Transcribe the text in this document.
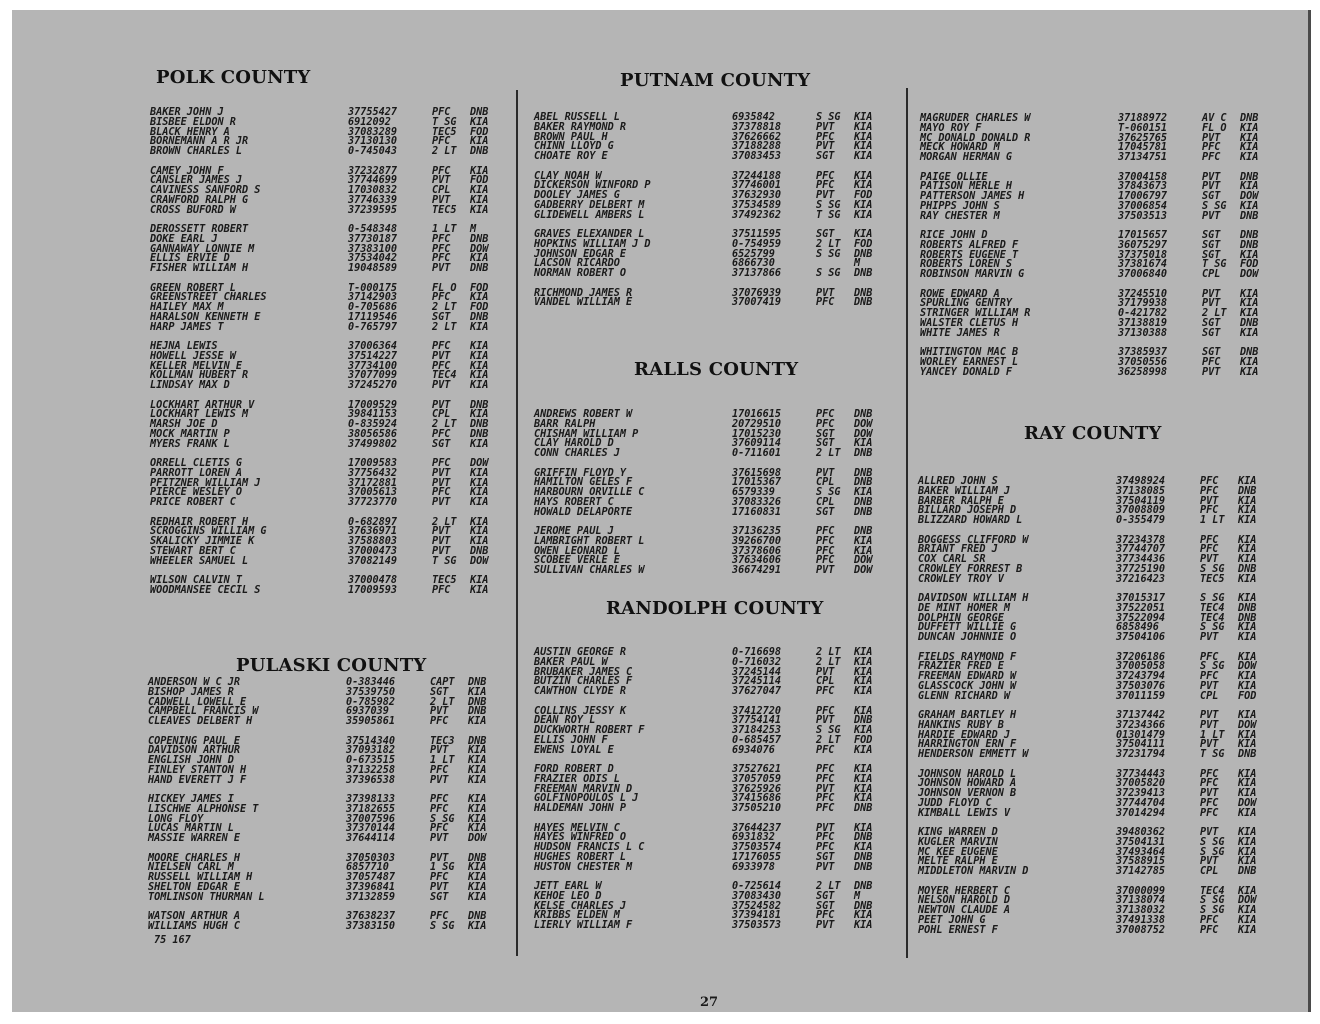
POLK COUNTY
BAKER JOHN J	37755427	PFC DNB
BISBEE ELDON R	6912092	T SG KIA
BLACK HENRY A	37083289	TEC5 FOD
BORNEMANN A R JR	37130130	PFC KIA
BROWN CHARLES L	0-745043	2 LT DNB
CAMEY JOHN F	37232877	PFC KIA
CANSLER JAMES J	37744699	PVT FOD
CAVINESS SANFORD S	17030832	CPL KIA
CRAWFORD RALPH G	37746339	PVT KIA
CROSS BUFORD W	37239595	TEC5 KIA
DEROSSETT ROBERT	0-548348	1 LT M
DOKE EARL J	37730187	PFC DNB
GANNAWAY LONNIE M	37383100	PFC DOW
ELLIS ERVIE D	37534042	PFC KIA
FISHER WILLIAM H	19048589	PVT DNB
GREEN ROBERT L	T-000175	FL O FOD
GREENSTREET CHARLES	37142903	PFC KIA
HAILEY MAX M	0-705686	2 LT FOD
HARALSON KENNETH E	17119546	SGT DNB
HARP JAMES T	0-765797	2 LT KIA
HEJNA LEWIS	37006364	PFC KIA
HOWELL JESSE W	37514227	PVT KIA
KELLER MELVIN E	37734100	PFC KIA
KOLLMAN HUBERT R	37077099	TEC4 KIA
LINDSAY MAX D	37245270	PVT KIA
LOCKHART ARTHUR V	17009529	PVT DNB
LOCKHART LEWIS M	39841153	CPL KIA
MARSH JOE D	0-835924	2 LT DNB
MOCK MARTIN P	38056586	PFC DNB
MYERS FRANK L	37499802	SGT KIA
ORRELL CLETIS G	17009583	PFC DOW
PARROTT LOREN A	37756432	PVT KIA
PFITZNER WILLIAM J	37172881	PVT KIA
PIERCE WESLEY O	37005613	PFC KIA
PRICE ROBERT C	37723770	PVT KIA
REDHAIR ROBERT H	0-682897	2 LT KIA
SCROGGINS WILLIAM G	37636971	PVT KIA
SKALICKY JIMMIE K	37588803	PVT KIA
STEWART BERT C	37000473	PVT DNB
WHEELER SAMUEL L	37082149	T SG DOW
WILSON CALVIN T	37000478	TEC5 KIA
WOODMANSEE CECIL S	17009593	PFC KIA
PULASKI COUNTY
ANDERSON W C JR	0-383446	CAPT DNB
BISHOP JAMES R	37539750	SGT KIA
CADWELL LOWELL E	0-785982	2 LT DNB
CAMPBELL FRANCIS W	6937039	PVT DNB
CLEAVES DELBERT H	35905861	PFC KIA
COPENING PAUL E	37514340	TEC3 DNB
DAVIDSON ARTHUR	37093182	PVT KIA
ENGLISH JOHN D	0-673515	1 LT KIA
FINLEY STANTON H	37132258	PFC KIA
HAND EVERETT J F	37396538	PVT KIA
HICKEY JAMES I	37398133	PFC KIA
LISCHWE ALPHONSE T	37182655	PFC KIA
LONG FLOY	37007596	S SG KIA
LUCAS MARTIN L	37370144	PFC KIA
MASSIE WARREN E	37644114	PVT DOW
MOORE CHARLES H	37050303	PVT DNB
NIELSEN CARL M	6857710	1 SG KIA
RUSSELL WILLIAM H	37057487	PFC KIA
SHELTON EDGAR E	37396841	PVT KIA
TOMLINSON THURMAN L	37132859	SGT KIA
WATSON ARTHUR A	37638237	PFC DNB
WILLIAMS HUGH C	37383150	S SG KIA
75 167
PUTNAM COUNTY
ABEL RUSSELL L	6935842	S SG KIA
BAKER RAYMOND R	37378818	PVT KIA
BROWN PAUL H	37626662	PFC KIA
CHINN LLOYD G	37188288	PVT KIA
CHOATE ROY E	37083453	SGT KIA
CLAY NOAH W	37244188	PFC KIA
DICKERSON WINFORD P	37746001	PFC KIA
DOOLEY JAMES G	37632930	PVT FOD
GADBERRY DELBERT M	37534589	S SG KIA
GLIDEWELL AMBERS L	37492362	T SG KIA
GRAVES ELEXANDER L	37511595	SGT KIA
HOPKINS WILLIAM J D	0-754959	2 LT FOD
JOHNSON EDGAR E	6525799	S SG DNB
LACSON RICARDO	6866730	M
NORMAN ROBERT O	37137866	S SG DNB
RICHMOND JAMES R	37076939	PVT DNB
VANDEL WILLIAM E	37007419	PFC DNB
RALLS COUNTY
ANDREWS ROBERT W	17016615	PFC DNB
BARR RALPH	20729510	PFC DOW
CHISHAM WILLIAM P	17015230	SGT DOW
CLAY HAROLD D	37609114	SGT KIA
CONN CHARLES J	0-711601	2 LT DNB
GRIFFIN FLOYD Y	37615698	PVT DNB
HAMILTON GELES F	17015367	CPL DNB
HARBOURN ORVILLE C	6579339	S SG KIA
HAYS ROBERT C	37083326	CPL DNB
HOWALD DELAPORTE	17160831	SGT DNB
JEROME PAUL J	37136235	PFC DNB
LAMBRIGHT ROBERT L	39266700	PFC KIA
OWEN LEONARD L	37378606	PFC KIA
SCOBEE VERLE E	37634606	PFC DOW
SULLIVAN CHARLES W	36674291	PVT DOW
RANDOLPH COUNTY
AUSTIN GEORGE R	0-716698	2 LT KIA
BAKER PAUL W	0-716032	2 LT KIA
BRUBAKER JAMES C	37245144	PVT KIA
BUTZIN CHARLES F	37245114	CPL KIA
CAWTHON CLYDE R	37627047	PFC KIA
COLLINS JESSY K	37412720	PFC KIA
DEAN ROY L	37754141	PVT DNB
DUCKWORTH ROBERT F	37184253	S SG KIA
ELLIS JOHN F	0-685457	2 LT FOD
EWENS LOYAL E	6934076	PFC KIA
FORD ROBERT D	37527621	PFC KIA
FRAZIER ODIS L	37057059	PFC KIA
FREEMAN MARVIN D	37625926	PVT KIA
GOLFINOPOULOS L J	37415686	PFC KIA
HALDEMAN JOHN P	37505210	PFC DNB
HAYES MELVIN C	37644237	PVT KIA
HAYES WINFRED O	6931832	PFC DNB
HUDSON FRANCIS L C	37503574	PFC KIA
HUGHES ROBERT L	17176055	SGT DNB
HUSTON CHESTER M	6933978	PVT DNB
JETT EARL W	0-725614	2 LT DNB
KEHOE LEO D	37083430	SGT M
KELSE CHARLES J	37524582	SGT DNB
KRIBBS ELDEN M	37394181	PFC KIA
LIERLY WILLIAM F	37503573	PVT KIA
MAGRUDER CHARLES W	37188972	AV C DNB
MAYO ROY F	T-060151	FL O KIA
MC DONALD DONALD R	37625765	PVT KIA
MECK HOWARD M	17045781	PFC KIA
MORGAN HERMAN G	37134751	PFC KIA
PAIGE OLLIE	37004158	PVT DNB
PATISON MERLE H	37843673	PVT KIA
PATTERSON JAMES H	17006797	SGT DOW
PHIPPS JOHN S	37006854	S SG KIA
RAY CHESTER M	37503513	PVT DNB
RICE JOHN D	17015657	SGT DNB
ROBERTS ALFRED F	36075297	SGT DNB
ROBERTS EUGENE T	37375018	SGT KIA
ROBERTS LOREN S	37381674	T SG FOD
ROBINSON MARVIN G	37006840	CPL DOW
ROWE EDWARD A	37245510	PVT KIA
SPURLING GENTRY	37179938	PVT KIA
STRINGER WILLIAM R	0-421782	2 LT KIA
WALSTER CLETUS H	37138819	SGT DNB
WHITE JAMES R	37130388	SGT KIA
WHITINGTON MAC B	37385937	SGT DNB
WORLEY EARNEST L	37050556	PFC KIA
YANCEY DONALD F	36258998	PVT KIA
RAY COUNTY
ALLRED JOHN S	37498924	PFC KIA
BAKER WILLIAM J	37138085	PFC DNB
BARBER RALPH E	37504119	PVT KIA
BILLARD JOSEPH D	37008809	PFC KIA
BLIZZARD HOWARD L	0-355479	1 LT KIA
BOGGESS CLIFFORD W	37234378	PFC KIA
BRIANT FRED J	37744707	PFC KIA
COX CARL SR	37734436	PVT KIA
CROWLEY FORREST B	37725190	S SG DNB
CROWLEY TROY V	37216423	TEC5 KIA
DAVIDSON WILLIAM H	37015317	S SG KIA
DE MINT HOMER M	37522051	TEC4 DNB
DOLPHIN GEORGE	37522094	TEC4 DNB
DUFFETT WILLIE G	6858496	S SG KIA
DUNCAN JOHNNIE O	37504106	PVT KIA
FIELDS RAYMOND F	37206186	PFC KIA
FRAZIER FRED E	37005058	S SG DOW
FREEMAN EDWARD W	37243794	PFC KIA
GLASSCOCK JOHN W	37503076	PVT KIA
GLENN RICHARD W	37011159	CPL FOD
GRAHAM BARTLEY H	37137442	PVT KIA
HANKINS RUBY B	37234366	PVT DOW
HARDIE EDWARD J	01301479	1 LT KIA
HARRINGTON ERN F	37504111	PVT KIA
HENDERSON EMMETT W	37231794	T SG DNB
JOHNSON HAROLD L	37734443	PFC KIA
JOHNSON HOWARD A	37005820	PFC KIA
JOHNSON VERNON B	37239413	PVT KIA
JUDD FLOYD C	37744704	PFC DOW
KIMBALL LEWIS V	37014294	PFC KIA
KING WARREN D	39480362	PVT KIA
KUGLER MARVIN	37504131	S SG KIA
MC KEE EUGENE	37493464	S SG KIA
MELTE RALPH E	37588915	PVT KIA
MIDDLETON MARVIN D	37142785	CPL DNB
MOYER HERBERT C	37000099	TEC4 KIA
NELSON HAROLD D	37138074	S SG DOW
NEWTON CLAUDE A	37138032	S SG KIA
PEET JOHN G	37491338	PFC KIA
POHL ERNEST F	37008752	PFC KIA
27
